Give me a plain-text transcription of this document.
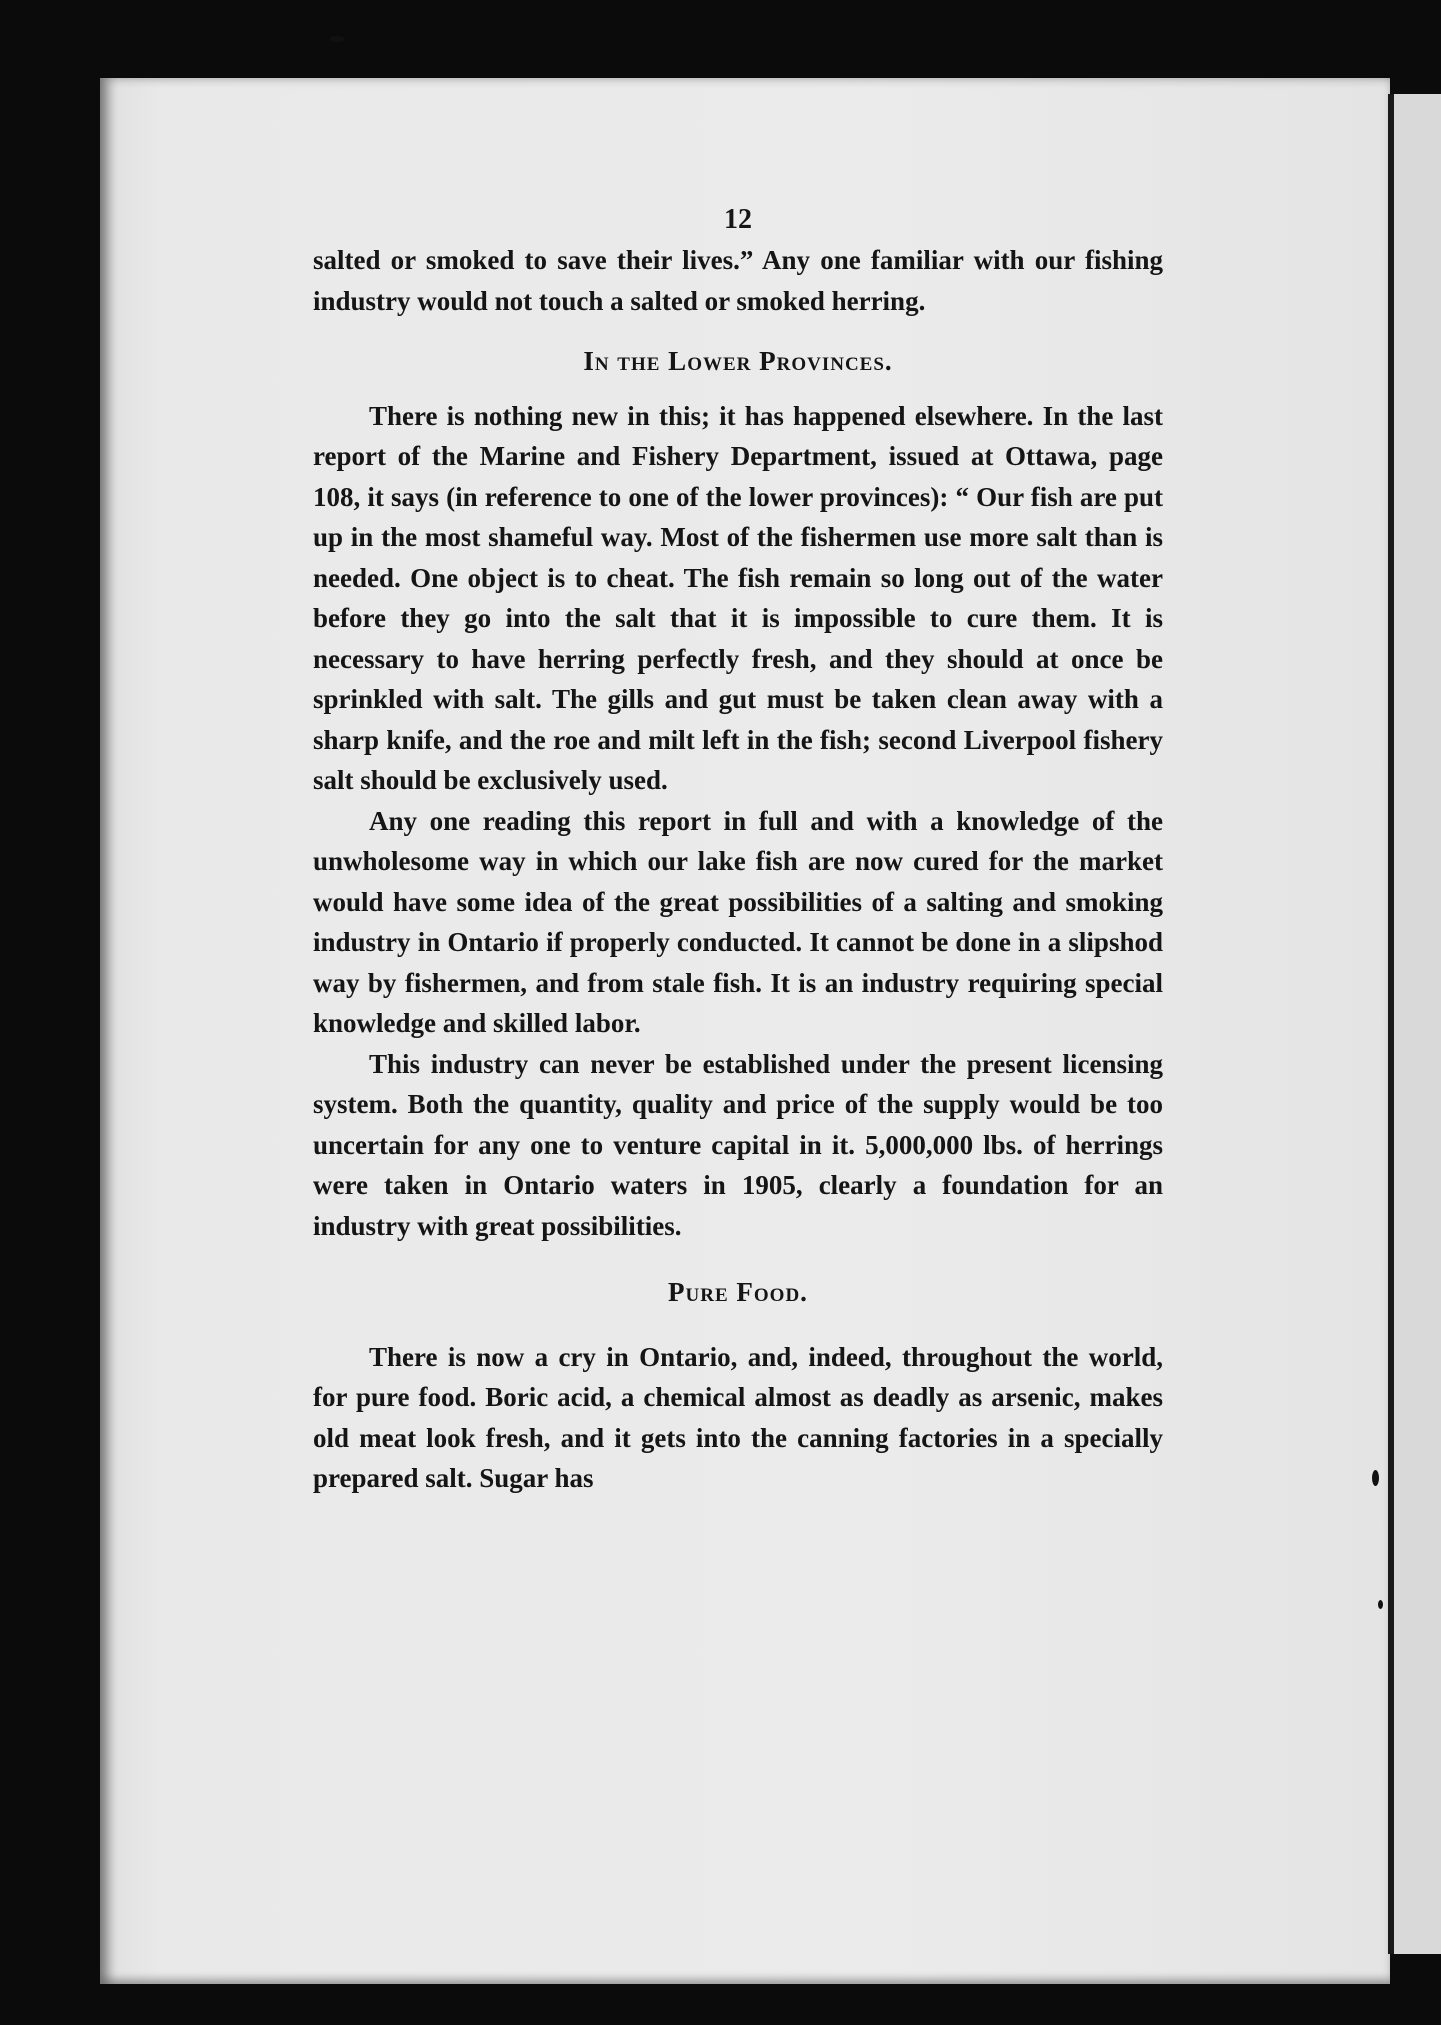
12

salted or smoked to save their lives.” Any one familiar with our fishing industry would not touch a salted or smoked herring.

In the Lower Provinces.

There is nothing new in this; it has happened elsewhere. In the last report of the Marine and Fishery Department, issued at Ottawa, page 108, it says (in reference to one of the lower provinces): “ Our fish are put up in the most shameful way. Most of the fishermen use more salt than is needed. One object is to cheat. The fish remain so long out of the water before they go into the salt that it is impossible to cure them. It is necessary to have herring perfectly fresh, and they should at once be sprinkled with salt. The gills and gut must be taken clean away with a sharp knife, and the roe and milt left in the fish; second Liverpool fishery salt should be exclusively used.

Any one reading this report in full and with a knowledge of the unwholesome way in which our lake fish are now cured for the market would have some idea of the great possibilities of a salting and smoking industry in Ontario if properly conducted. It cannot be done in a slipshod way by fishermen, and from stale fish. It is an industry requiring special knowledge and skilled labor.

This industry can never be established under the present licensing system. Both the quantity, quality and price of the supply would be too uncertain for any one to venture capital in it. 5,000,000 lbs. of herrings were taken in Ontario waters in 1905, clearly a foundation for an industry with great possibilities.

Pure Food.

There is now a cry in Ontario, and, indeed, throughout the world, for pure food. Boric acid, a chemical almost as deadly as arsenic, makes old meat look fresh, and it gets into the canning factories in a specially prepared salt. Sugar has
